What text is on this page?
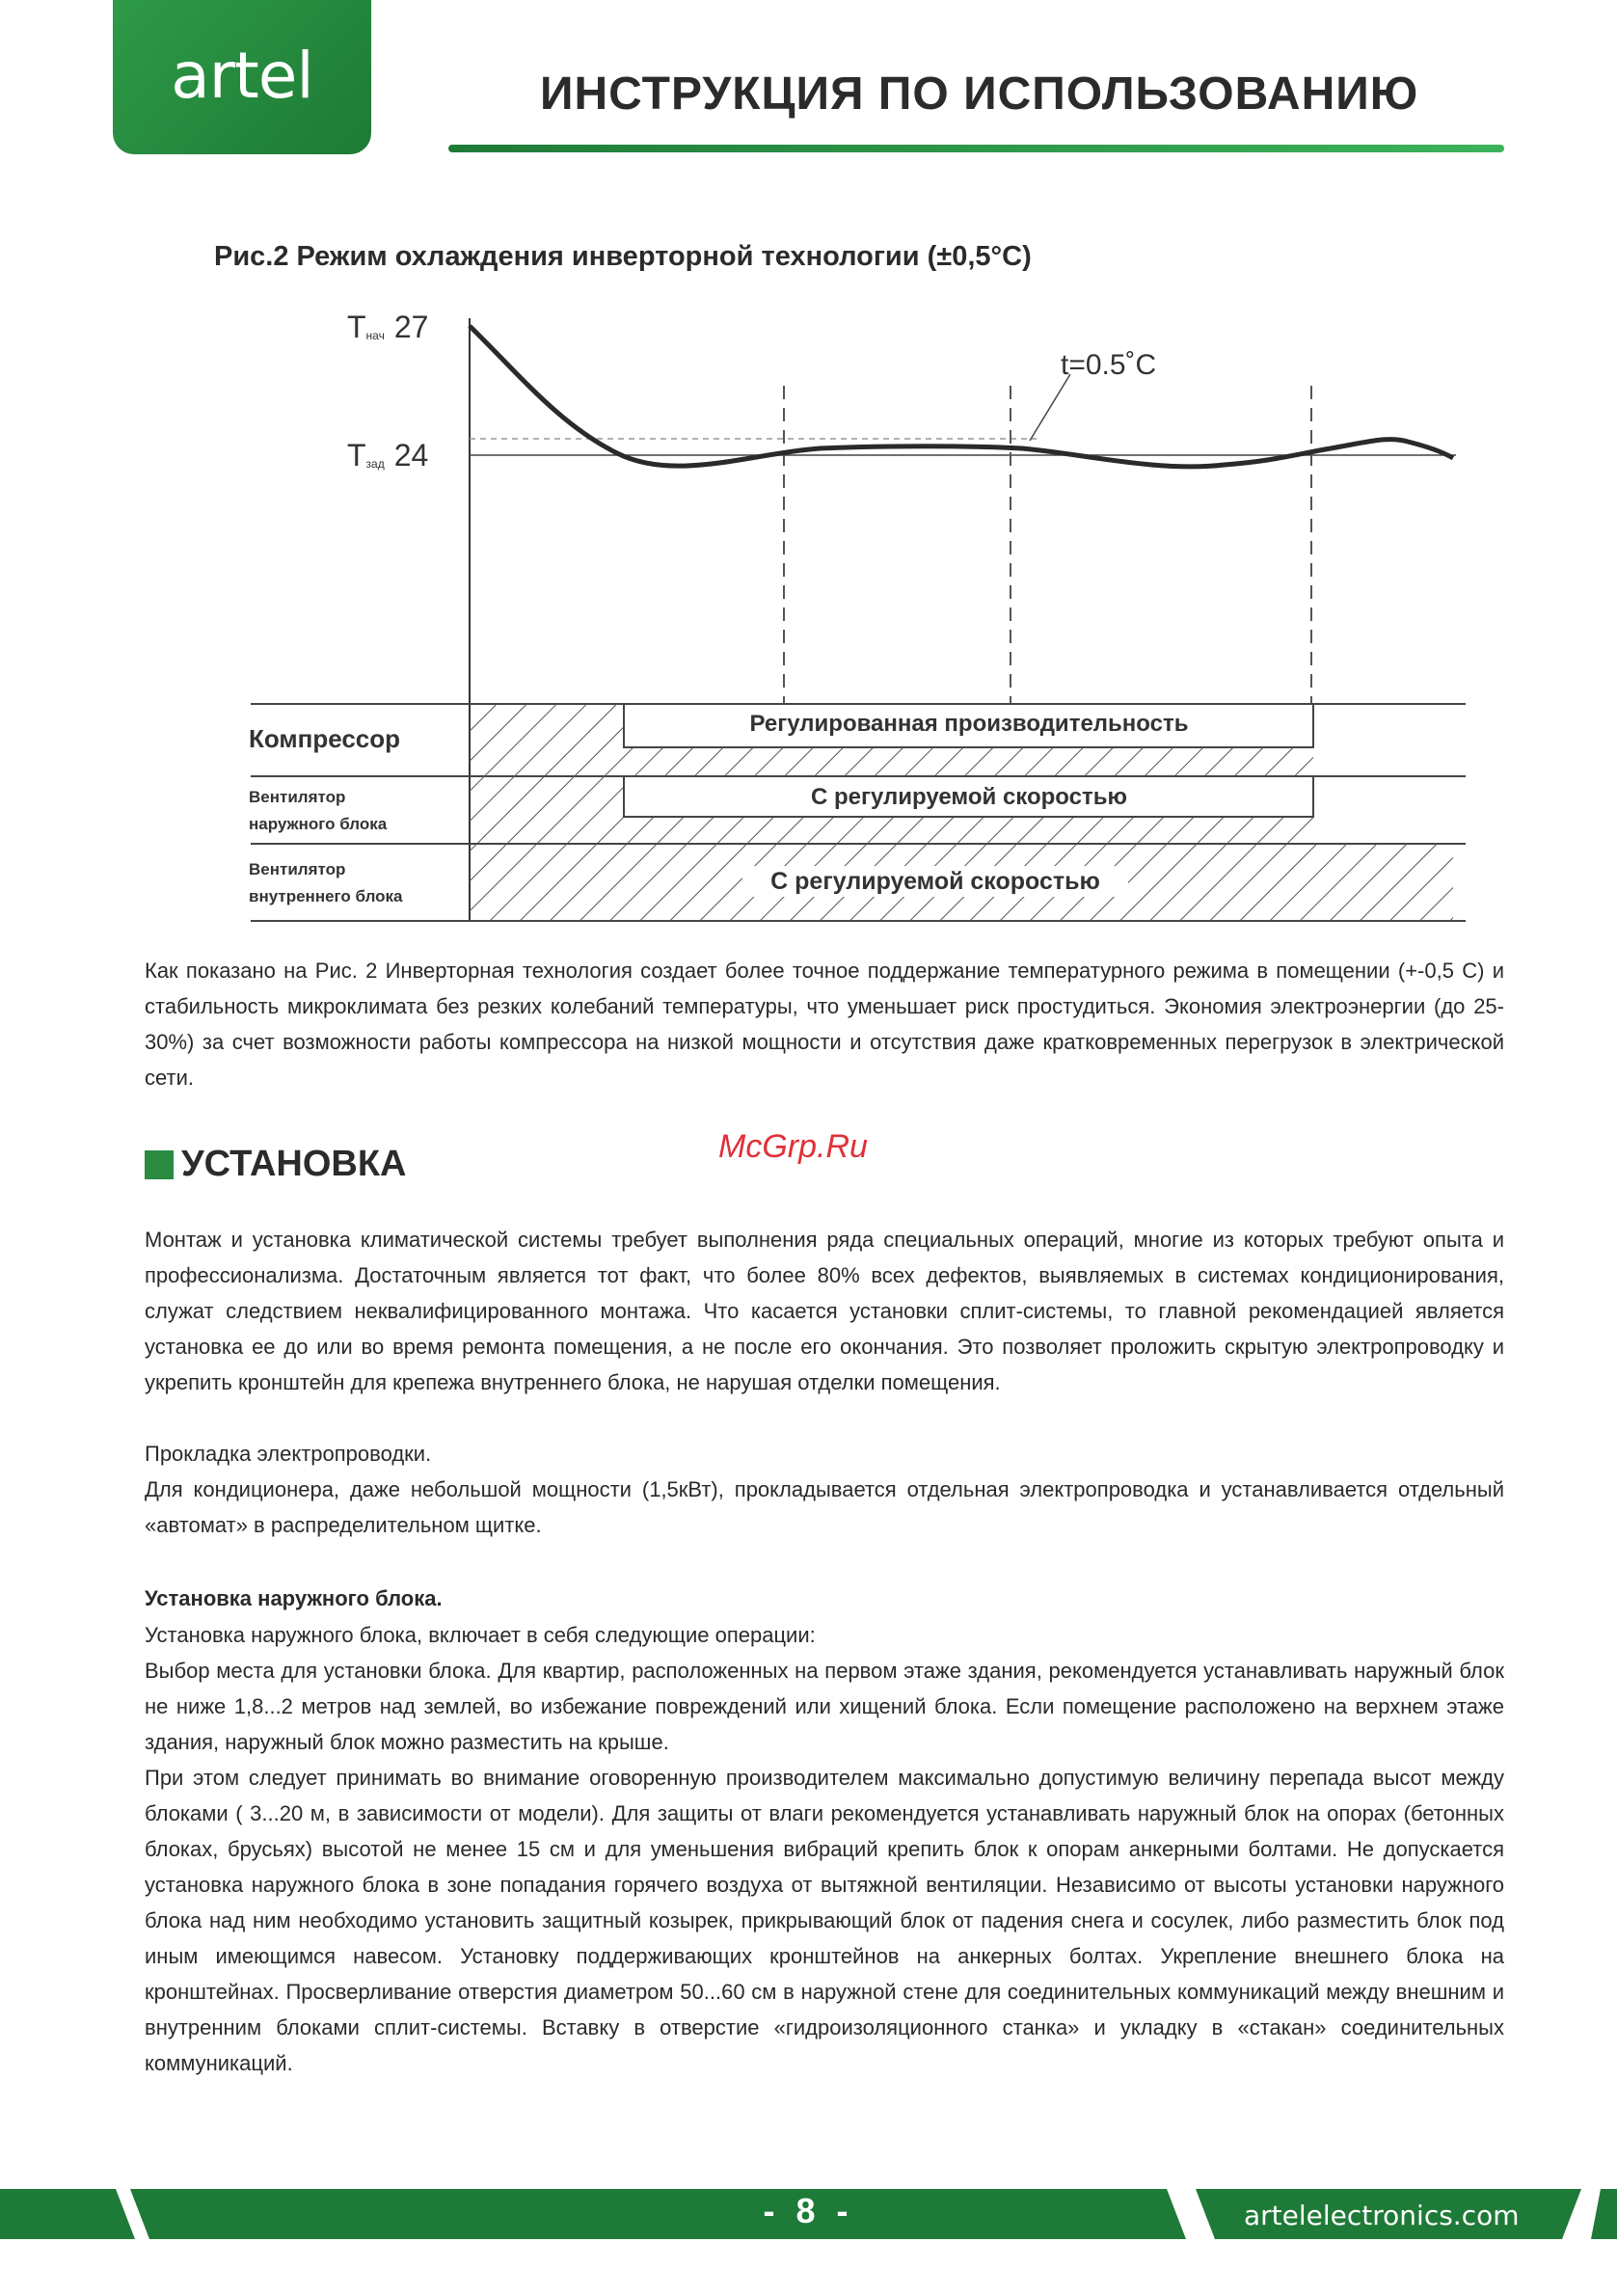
artel	ИНСТРУКЦИЯ ПО ИСПОЛЬЗОВАНИЮ
Рис.2 Режим охлаждения инверторной технологии (±0,5°С)
Tнач 27
Tзад 24
t=0.5˚C
Регулированная производительность
Компрессор
С регулируемой скоростью
Вентилятор
наружного блока
С регулируемой скоростью
Вентилятор
внутреннего блока

Как показано на Рис. 2 Инверторная технология создает более точное поддержание температурного режима в помещении (+-0,5 С) и стабильность микроклимата без резких колебаний температуры, что уменьшает риск простудиться. Экономия электроэнергии (до 25-30%) за счет возможности работы компрессора на низкой мощности и отсутствия даже кратковременных перегрузок в электрической сети.

McGrp.Ru
УСТАНОВКА

Монтаж и установка климатической системы требует выполнения ряда специальных операций, многие из которых требуют опыта и профессионализма. Достаточным является тот факт, что более 80% всех дефектов, выявляемых в системах кондиционирования, служат следствием неквалифицированного монтажа. Что касается установки сплит-системы, то главной рекомендацией является установка ее до или во время ремонта помещения, а не после его окончания. Это позволяет проложить скрытую электропроводку и укрепить кронштейн для крепежа внутреннего блока, не нарушая отделки помещения.

Прокладка электропроводки.

Для кондиционера, даже небольшой мощности (1,5кВт), прокладывается отдельная электропроводка и устанавливается отдельный «автомат» в распределительном щитке.

Установка наружного блока.

Установка наружного блока, включает в себя следующие операции:

Выбор места для установки блока. Для квартир, расположенных на первом этаже здания, рекомендуется устанавливать наружный блок не ниже 1,8...2 метров над землей, во избежание повреждений или хищений блока. Если помещение расположено на верхнем этаже здания, наружный блок можно разместить на крыше.

При этом следует принимать во внимание оговоренную производителем максимально допустимую величину перепада высот между блоками ( 3...20 м, в зависимости от модели). Для защиты от влаги рекомендуется устанавливать наружный блок на опорах (бетонных блоках, брусьях) высотой не менее 15 см и для уменьшения вибраций крепить блок к опорам анкерными болтами. Не допускается установка наружного блока в зоне попадания горячего воздуха от вытяжной вентиляции. Независимо от высоты установки наружного блока над ним необходимо установить защитный козырек, прикрывающий блок от падения снега и сосулек, либо разместить блок под иным имеющимся навесом. Установку поддерживающих кронштейнов на анкерных болтах. Укрепление внешнего блока на кронштейнах. Просверливание отверстия диаметром 50...60 см в наружной стене для соединительных коммуникаций между внешним и внутренним блоками сплит-системы. Вставку в отверстие «гидроизоляционного станка» и укладку в «стакан» соединительных коммуникаций.

- 8 -	artelelectronics.com
